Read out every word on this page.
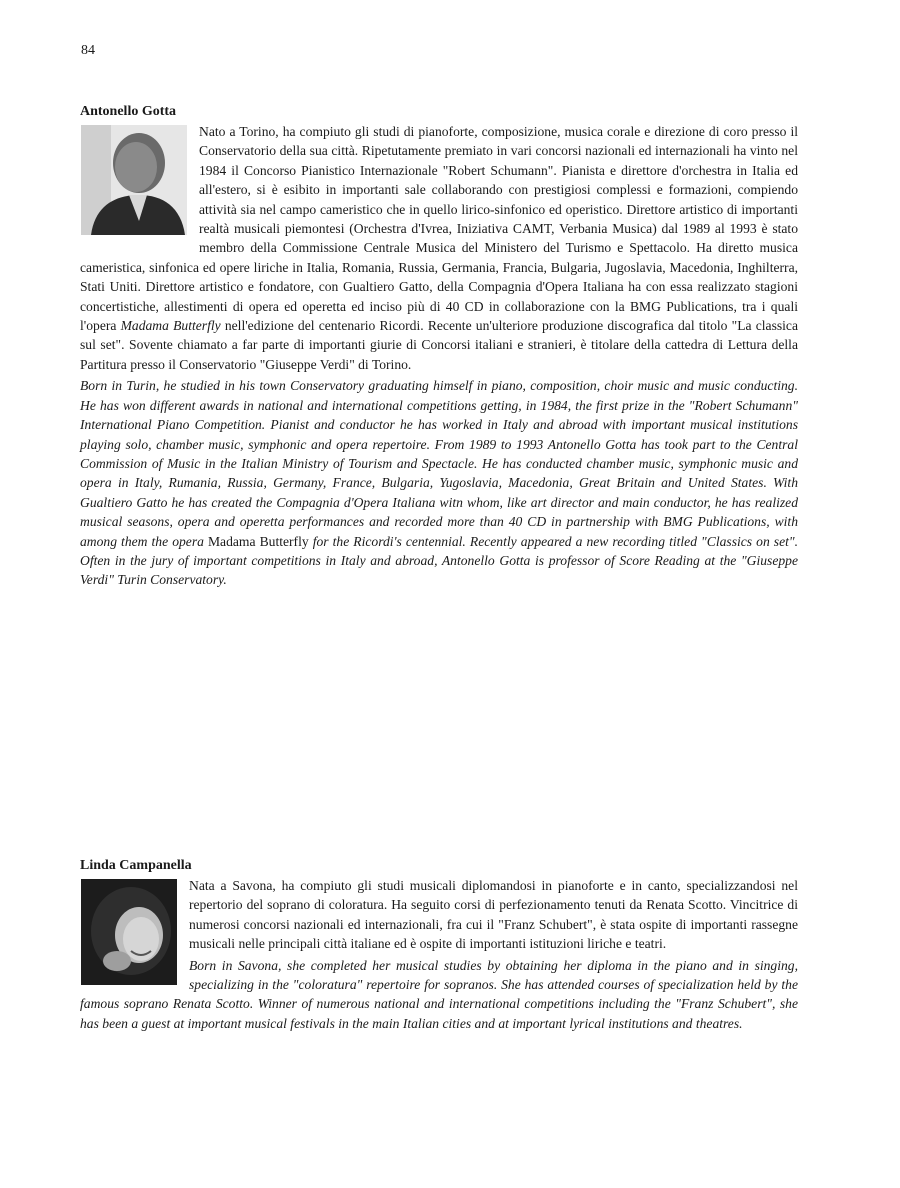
84
Antonello Gotta

Nato a Torino, ha compiuto gli studi di pianoforte, composizione, musica corale e direzione di coro presso il Conservatorio della sua città. Ripetutamente premiato in vari concorsi nazionali ed internazionali ha vinto nel 1984 il Concorso Pianistico Internazionale "Robert Schumann". Pianista e direttore d'orchestra in Italia ed all'estero, si è esibito in importanti sale collaborando con prestigiosi complessi e formazioni, compiendo attività sia nel campo cameristico che in quello lirico-sinfonico ed operistico. Direttore artistico di importanti realtà musicali piemontesi (Orchestra d'Ivrea, Iniziativa CAMT, Verbania Musica) dal 1989 al 1993 è stato membro della Commissione Centrale Musica del Ministero del Turismo e Spettacolo. Ha diretto musica cameristica, sinfonica ed opere liriche in Italia, Romania, Russia, Germania, Francia, Bulgaria, Jugoslavia, Macedonia, Inghilterra, Stati Uniti. Direttore artistico e fondatore, con Gualtiero Gatto, della Compagnia d'Opera Italiana ha con essa realizzato stagioni concertistiche, allestimenti di opera ed operetta ed inciso più di 40 CD in collaborazione con la BMG Publications, tra i quali l'opera Madama Butterfly nell'edizione del centenario Ricordi. Recente un'ulteriore produzione discografica dal titolo "La classica sul set". Sovente chiamato a far parte di importanti giurie di Concorsi italiani e stranieri, è titolare della cattedra di Lettura della Partitura presso il Conservatorio "Giuseppe Verdi" di Torino.

Born in Turin, he studied in his town Conservatory graduating himself in piano, composition, choir music and music conducting. He has won different awards in national and international competitions getting, in 1984, the first prize in the "Robert Schumann" International Piano Competition. Pianist and conductor he has worked in Italy and abroad with important musical institutions playing solo, chamber music, symphonic and opera repertoire. From 1989 to 1993 Antonello Gotta has took part to the Central Commission of Music in the Italian Ministry of Tourism and Spectacle. He has conducted chamber music, symphonic music and opera in Italy, Rumania, Russia, Germany, France, Bulgaria, Yugoslavia, Macedonia, Great Britain and United States. With Gualtiero Gatto he has created the Compagnia d'Opera Italiana witn whom, like art director and main conductor, he has realized musical seasons, opera and operetta performances and recorded more than 40 CD in partnership with BMG Publications, with among them the opera Madama Butterfly for the Ricordi's centennial. Recently appeared a new recording titled "Classics on set". Often in the jury of important competitions in Italy and abroad, Antonello Gotta is professor of Score Reading at the "Giuseppe Verdi" Turin Conservatory.

Linda Campanella

Nata a Savona, ha compiuto gli studi musicali diplomandosi in pianoforte e in canto, specializzandosi nel repertorio del soprano di coloratura. Ha seguito corsi di perfezionamento tenuti da Renata Scotto. Vincitrice di numerosi concorsi nazionali ed internazionali, fra cui il "Franz Schubert", è stata ospite di importanti rassegne musicali nelle principali città italiane ed è ospite di importanti istituzioni liriche e teatri.

Born in Savona, she completed her musical studies by obtaining her diploma in the piano and in singing, specializing in the "coloratura" repertoire for sopranos. She has attended courses of specialization held by the famous soprano Renata Scotto. Winner of numerous national and international competitions including the "Franz Schubert", she has been a guest at important musical festivals in the main Italian cities and at important lyrical institutions and theatres.
